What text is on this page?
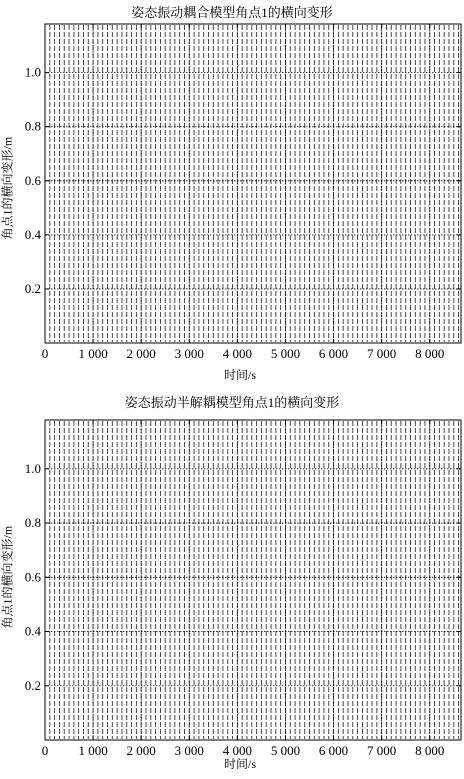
姿态振动耦合模型角点1的横向变形
0 1 000 2 000 3 000 4 000 5 000 6 000 7 000 8 000
0.2
0.4
0.6
0.8
1.0
角点1的横向变形/m
时间/s
姿态振动半解耦模型角点1的横向变形
0 1 000 2 000 3 000 4 000 5 000 6 000 7 000 8 000
0.2
0.4
0.6
0.8
1.0
角点1的横向变形/m
时间/s
